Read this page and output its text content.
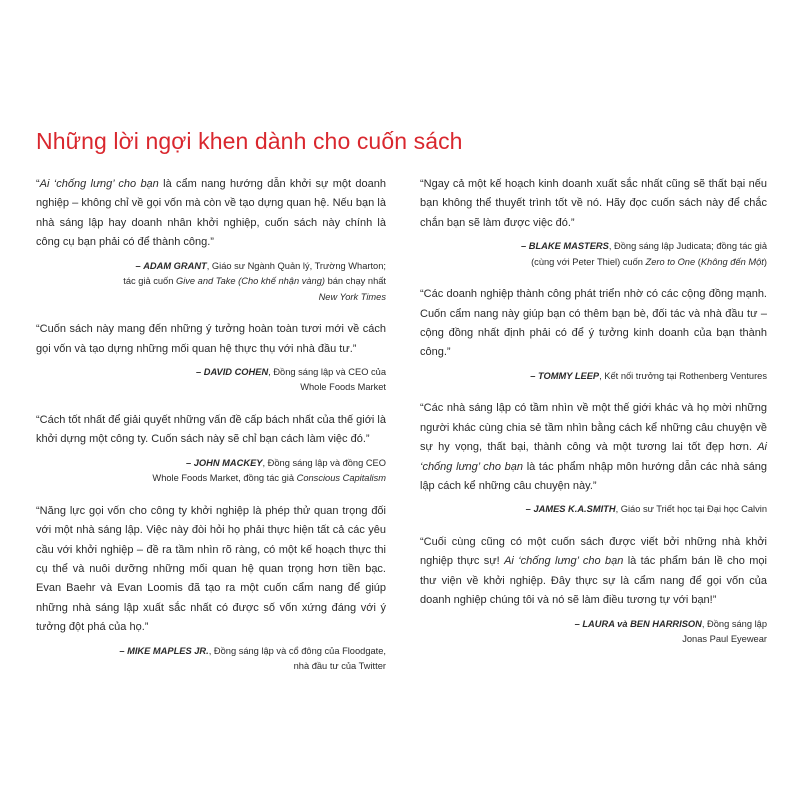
Những lời ngợi khen dành cho cuốn sách

“Ai ‘chống lưng’ cho bạn là cẩm nang hướng dẫn khởi sự một doanh nghiệp – không chỉ về gọi vốn mà còn về tạo dựng quan hệ. Nếu bạn là nhà sáng lập hay doanh nhân khởi nghiệp, cuốn sách này chính là công cụ bạn phải có để thành công.”

– ADAM GRANT, Giáo sư Ngành Quản lý, Trường Wharton;
tác giả cuốn Give and Take (Cho khế nhận vàng) bán chạy nhất
New York Times

“Cuốn sách này mang đến những ý tưởng hoàn toàn tươi mới về cách gọi vốn và tạo dựng những mối quan hệ thực thụ với nhà đầu tư.”

– DAVID COHEN, Đồng sáng lập và CEO của
Whole Foods Market

“Cách tốt nhất để giải quyết những vấn đề cấp bách nhất của thế giới là khởi dựng một công ty. Cuốn sách này sẽ chỉ bạn cách làm việc đó.”

– JOHN MACKEY, Đồng sáng lập và đồng CEO
Whole Foods Market, đồng tác giả Conscious Capitalism

“Năng lực gọi vốn cho công ty khởi nghiệp là phép thử quan trọng đối với một nhà sáng lập. Việc này đòi hỏi họ phải thực hiện tất cả các yêu cầu với khởi nghiệp – đề ra tầm nhìn rõ ràng, có một kế hoạch thực thi cụ thể và nuôi dưỡng những mối quan hệ quan trọng hơn tiền bạc. Evan Baehr và Evan Loomis đã tạo ra một cuốn cẩm nang để giúp những nhà sáng lập xuất sắc nhất có được số vốn xứng đáng với ý tưởng đột phá của họ.”

– MIKE MAPLES JR., Đồng sáng lập và cổ đông của Floodgate,
nhà đầu tư của Twitter

“Ngay cả một kế hoạch kinh doanh xuất sắc nhất cũng sẽ thất bại nếu bạn không thể thuyết trình tốt về nó. Hãy đọc cuốn sách này để chắc chắn bạn sẽ làm được việc đó.”

– BLAKE MASTERS, Đồng sáng lập Judicata; đồng tác giả
(cùng với Peter Thiel) cuốn Zero to One (Không đến Một)

“Các doanh nghiệp thành công phát triển nhờ có các cộng đồng mạnh. Cuốn cẩm nang này giúp bạn có thêm bạn bè, đối tác và nhà đầu tư – cộng đồng nhất định phải có để ý tưởng kinh doanh của bạn thành công.”

– TOMMY LEEP, Kết nối trưởng tại Rothenberg Ventures

“Các nhà sáng lập có tầm nhìn về một thế giới khác và họ mời những người khác cùng chia sẻ tầm nhìn bằng cách kể những câu chuyện về sự hy vọng, thất bại, thành công và một tương lai tốt đẹp hơn. Ai ‘chống lưng’ cho bạn là tác phẩm nhập môn hướng dẫn các nhà sáng lập cách kể những câu chuyện này.”

– JAMES K.A.SMITH, Giáo sư Triết học tại Đại học Calvin

“Cuối cùng cũng có một cuốn sách được viết bởi những nhà khởi nghiệp thực sự! Ai ‘chống lưng’ cho bạn là tác phẩm bán lề cho mọi thư viện về khởi nghiệp. Đây thực sự là cẩm nang để gọi vốn của doanh nghiệp chúng tôi và nó sẽ làm điều tương tự với bạn!”

– LAURA và BEN HARRISON, Đồng sáng lập
Jonas Paul Eyewear
